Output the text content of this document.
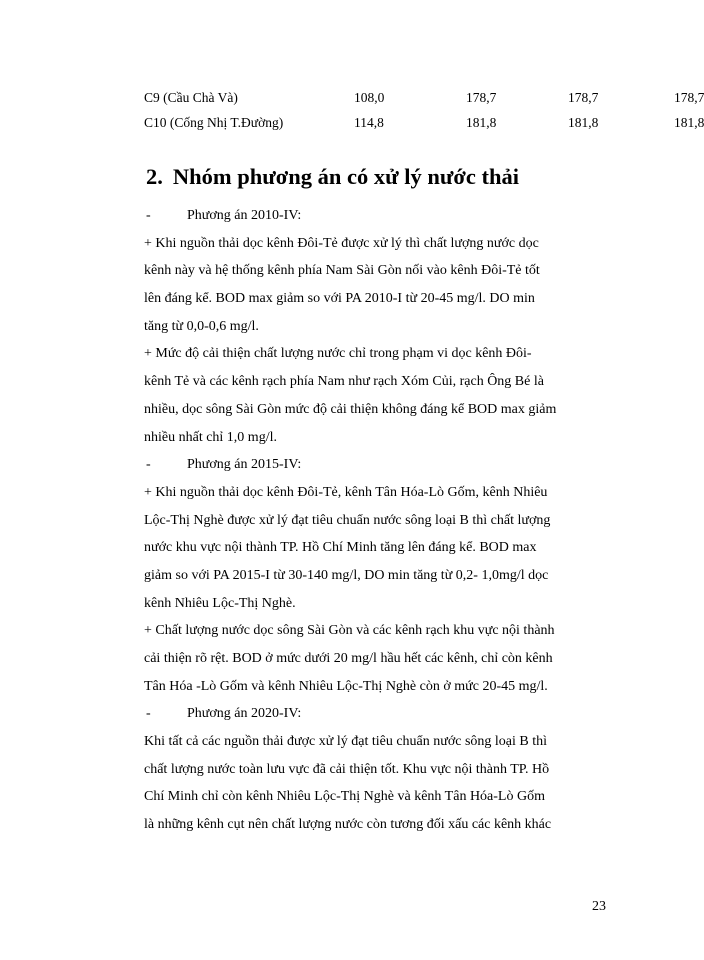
C9 (Cầu Chà Và)	108,0	178,7	178,7	178,7
C10 (Cống Nhị T.Đường)	114,8	181,8	181,8	181,8
2. Nhóm phương án có xử lý nước thải
-	Phương án 2010-IV:
+ Khi nguồn thải dọc kênh Đôi-Tẻ được xử lý thì chất lượng nước dọc
kênh này và hệ thống kênh phía Nam Sài Gòn nối vào kênh Đôi-Tẻ tốt
lên đáng kể. BOD max giảm so với PA 2010-I từ 20-45 mg/l. DO min
tăng từ 0,0-0,6 mg/l.
+ Mức độ cải thiện chất lượng nước chỉ trong phạm vi dọc kênh Đôi-
kênh Tẻ và các kênh rạch phía Nam như rạch Xóm Củi, rạch Ông Bé là
nhiều, dọc sông Sài Gòn mức độ cải thiện không đáng kể BOD max giảm
nhiều nhất chỉ 1,0 mg/l.
-	Phương án 2015-IV:
+ Khi nguồn thải dọc kênh Đôi-Tẻ, kênh Tân Hóa-Lò Gốm, kênh Nhiêu
Lộc-Thị Nghè được xử lý đạt tiêu chuẩn nước sông loại B thì chất lượng
nước khu vực nội thành TP. Hồ Chí Minh tăng lên đáng kể. BOD max
giảm so với PA 2015-I từ 30-140 mg/l, DO min tăng từ 0,2- 1,0mg/l dọc
kênh Nhiêu Lộc-Thị Nghè.
+ Chất lượng nước dọc sông Sài Gòn và các kênh rạch khu vực nội thành
cải thiện rõ rệt. BOD ở mức dưới 20 mg/l hầu hết các kênh, chỉ còn kênh
Tân Hóa -Lò Gốm và kênh Nhiêu Lộc-Thị Nghè còn ở mức 20-45 mg/l.
-	Phương án 2020-IV:
Khi tất cả các nguồn thải được xử lý đạt tiêu chuẩn nước sông loại B thì
chất lượng nước toàn lưu vực đã cải thiện tốt. Khu vực nội thành TP. Hồ
Chí Minh chỉ còn kênh Nhiêu Lộc-Thị Nghè và kênh Tân Hóa-Lò Gốm
là những kênh cụt nên chất lượng nước còn tương đối xấu các kênh khác
23
